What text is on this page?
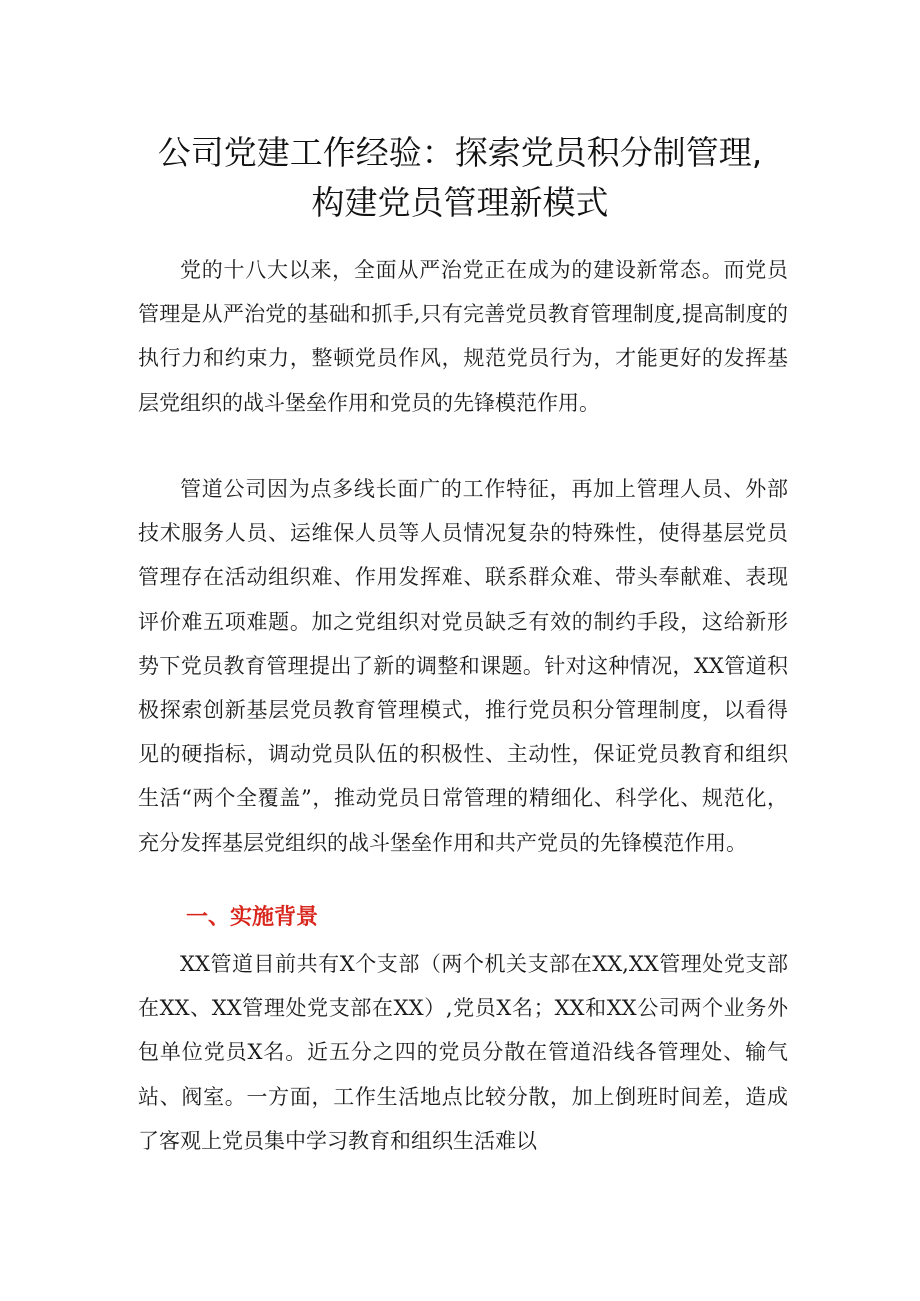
公司党建工作经验：探索党员积分制管理,
构建党员管理新模式

党的十八大以来，全面从严治党正在成为的建设新常态。而党员管理是从严治党的基础和抓手,只有完善党员教育管理制度,提高制度的执行力和约束力，整顿党员作风，规范党员行为，才能更好的发挥基层党组织的战斗堡垒作用和党员的先锋模范作用。

管道公司因为点多线长面广的工作特征，再加上管理人员、外部技术服务人员、运维保人员等人员情况复杂的特殊性，使得基层党员管理存在活动组织难、作用发挥难、联系群众难、带头奉献难、表现评价难五项难题。加之党组织对党员缺乏有效的制约手段，这给新形势下党员教育管理提出了新的调整和课题。针对这种情况，XX管道积极探索创新基层党员教育管理模式，推行党员积分管理制度，以看得见的硬指标，调动党员队伍的积极性、主动性，保证党员教育和组织生活“两个全覆盖”，推动党员日常管理的精细化、科学化、规范化，充分发挥基层党组织的战斗堡垒作用和共产党员的先锋模范作用。

一、实施背景

XX管道目前共有X个支部（两个机关支部在XX,XX管理处党支部在XX、XX管理处党支部在XX）,党员X名；XX和XX公司两个业务外包单位党员X名。近五分之四的党员分散在管道沿线各管理处、输气站、阀室。一方面，工作生活地点比较分散，加上倒班时间差，造成了客观上党员集中学习教育和组织生活难以
